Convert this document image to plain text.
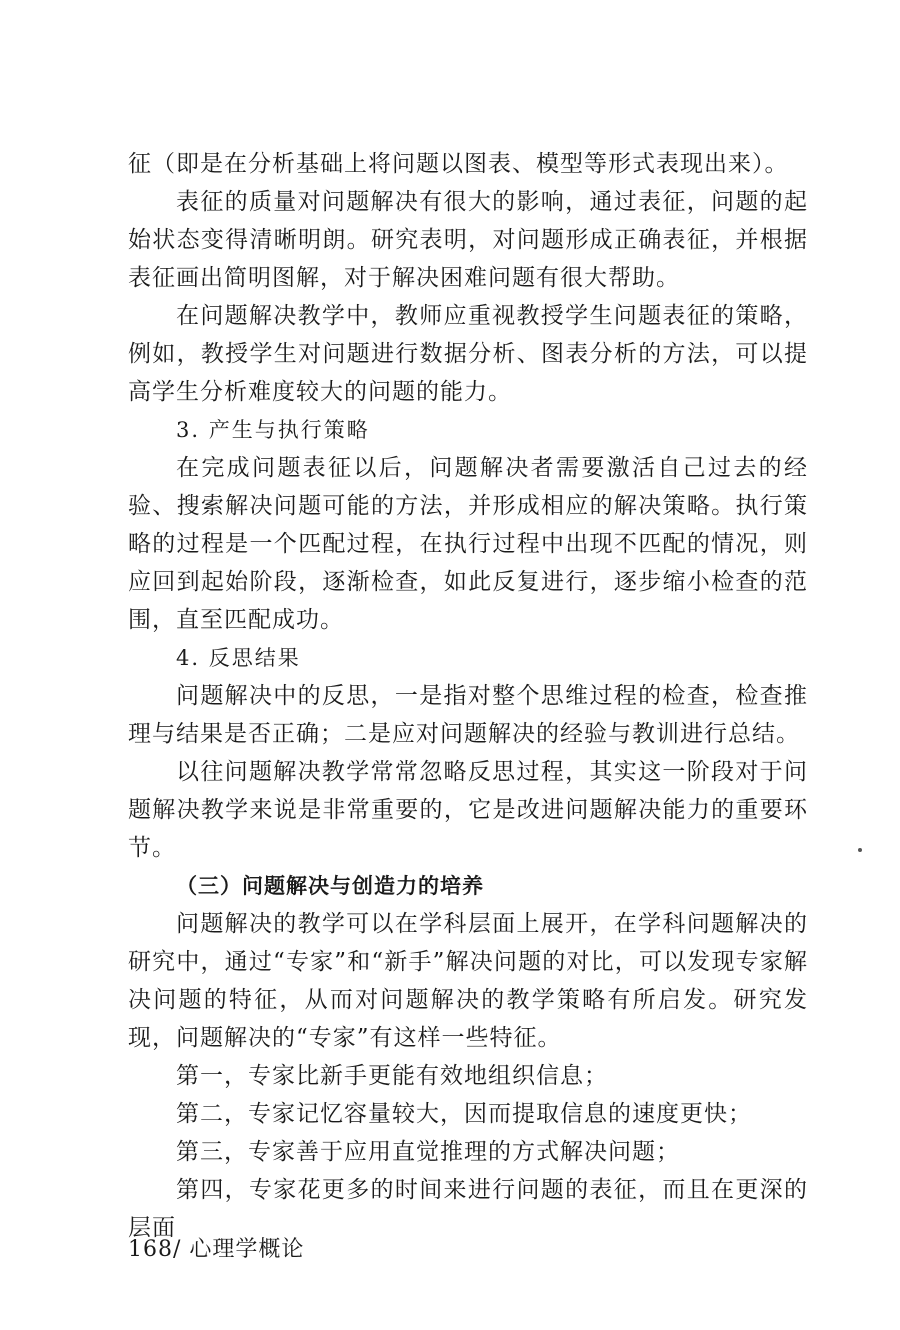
征（即是在分析基础上将问题以图表、模型等形式表现出来）。

表征的质量对问题解决有很大的影响，通过表征，问题的起始状态变得清晰明朗。研究表明，对问题形成正确表征，并根据表征画出简明图解，对于解决困难问题有很大帮助。

在问题解决教学中，教师应重视教授学生问题表征的策略，例如，教授学生对问题进行数据分析、图表分析的方法，可以提高学生分析难度较大的问题的能力。

3. 产生与执行策略

在完成问题表征以后，问题解决者需要激活自己过去的经验、搜索解决问题可能的方法，并形成相应的解决策略。执行策略的过程是一个匹配过程，在执行过程中出现不匹配的情况，则应回到起始阶段，逐渐检查，如此反复进行，逐步缩小检查的范围，直至匹配成功。

4. 反思结果

问题解决中的反思，一是指对整个思维过程的检查，检查推理与结果是否正确；二是应对问题解决的经验与教训进行总结。

以往问题解决教学常常忽略反思过程，其实这一阶段对于问题解决教学来说是非常重要的，它是改进问题解决能力的重要环节。

（三）问题解决与创造力的培养

问题解决的教学可以在学科层面上展开，在学科问题解决的研究中，通过“专家”和“新手”解决问题的对比，可以发现专家解决问题的特征，从而对问题解决的教学策略有所启发。研究发现，问题解决的“专家”有这样一些特征。

第一，专家比新手更能有效地组织信息；

第二，专家记忆容量较大，因而提取信息的速度更快；

第三，专家善于应用直觉推理的方式解决问题；

第四，专家花更多的时间来进行问题的表征，而且在更深的层面

168/ 心理学概论
